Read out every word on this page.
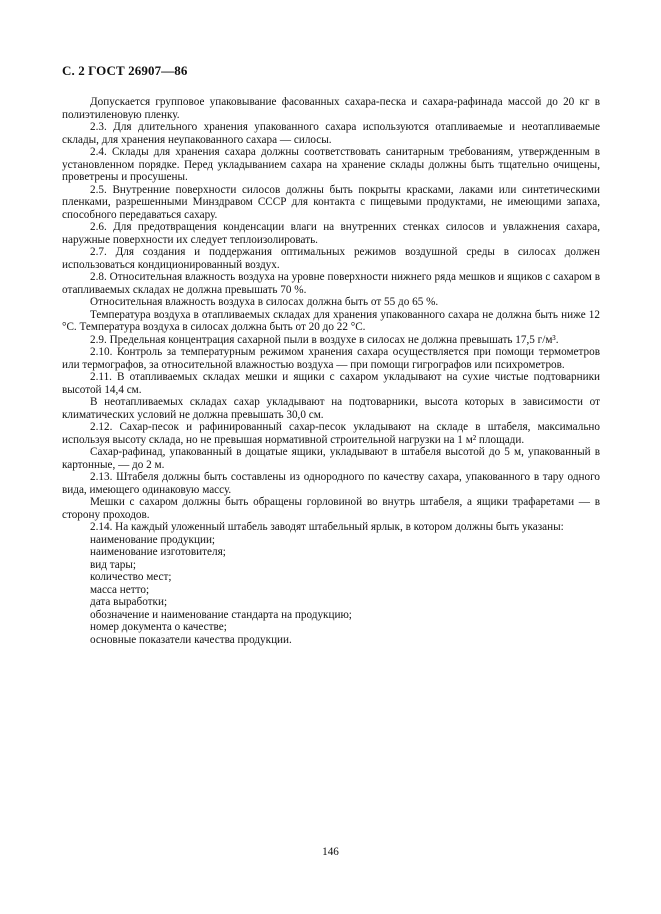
С. 2 ГОСТ 26907—86

Допускается групповое упаковывание фасованных сахара-песка и сахара-рафинада массой до 20 кг в полиэтиленовую пленку.

2.3. Для длительного хранения упакованного сахара используются отапливаемые и неотапливаемые склады, для хранения неупакованного сахара — силосы.

2.4. Склады для хранения сахара должны соответствовать санитарным требованиям, утвержденным в установленном порядке. Перед укладыванием сахара на хранение склады должны быть тщательно очищены, проветрены и просушены.

2.5. Внутренние поверхности силосов должны быть покрыты красками, лаками или синтетическими пленками, разрешенными Минздравом СССР для контакта с пищевыми продуктами, не имеющими запаха, способного передаваться сахару.

2.6. Для предотвращения конденсации влаги на внутренних стенках силосов и увлажнения сахара, наружные поверхности их следует теплоизолировать.

2.7. Для создания и поддержания оптимальных режимов воздушной среды в силосах должен использоваться кондиционированный воздух.

2.8. Относительная влажность воздуха на уровне поверхности нижнего ряда мешков и ящиков с сахаром в отапливаемых складах не должна превышать 70 %.

Относительная влажность воздуха в силосах должна быть от 55 до 65 %.

Температура воздуха в отапливаемых складах для хранения упакованного сахара не должна быть ниже 12 °С. Температура воздуха в силосах должна быть от 20 до 22 °С.

2.9. Предельная концентрация сахарной пыли в воздухе в силосах не должна превышать 17,5 г/м³.

2.10. Контроль за температурным режимом хранения сахара осуществляется при помощи термометров или термографов, за относительной влажностью воздуха — при помощи гигрографов или психрометров.

2.11. В отапливаемых складах мешки и ящики с сахаром укладывают на сухие чистые подтоварники высотой 14,4 см.

В неотапливаемых складах сахар укладывают на подтоварники, высота которых в зависимости от климатических условий не должна превышать 30,0 см.

2.12. Сахар-песок и рафинированный сахар-песок укладывают на складе в штабеля, максимально используя высоту склада, но не превышая нормативной строительной нагрузки на 1 м² площади.

Сахар-рафинад, упакованный в дощатые ящики, укладывают в штабеля высотой до 5 м, упакованный в картонные, — до 2 м.

2.13. Штабеля должны быть составлены из однородного по качеству сахара, упакованного в тару одного вида, имеющего одинаковую массу.

Мешки с сахаром должны быть обращены горловиной во внутрь штабеля, а ящики трафаретами — в сторону проходов.

2.14. На каждый уложенный штабель заводят штабельный ярлык, в котором должны быть указаны:

наименование продукции;

наименование изготовителя;

вид тары;

количество мест;

масса нетто;

дата выработки;

обозначение и наименование стандарта на продукцию;

номер документа о качестве;

основные показатели качества продукции.

146
